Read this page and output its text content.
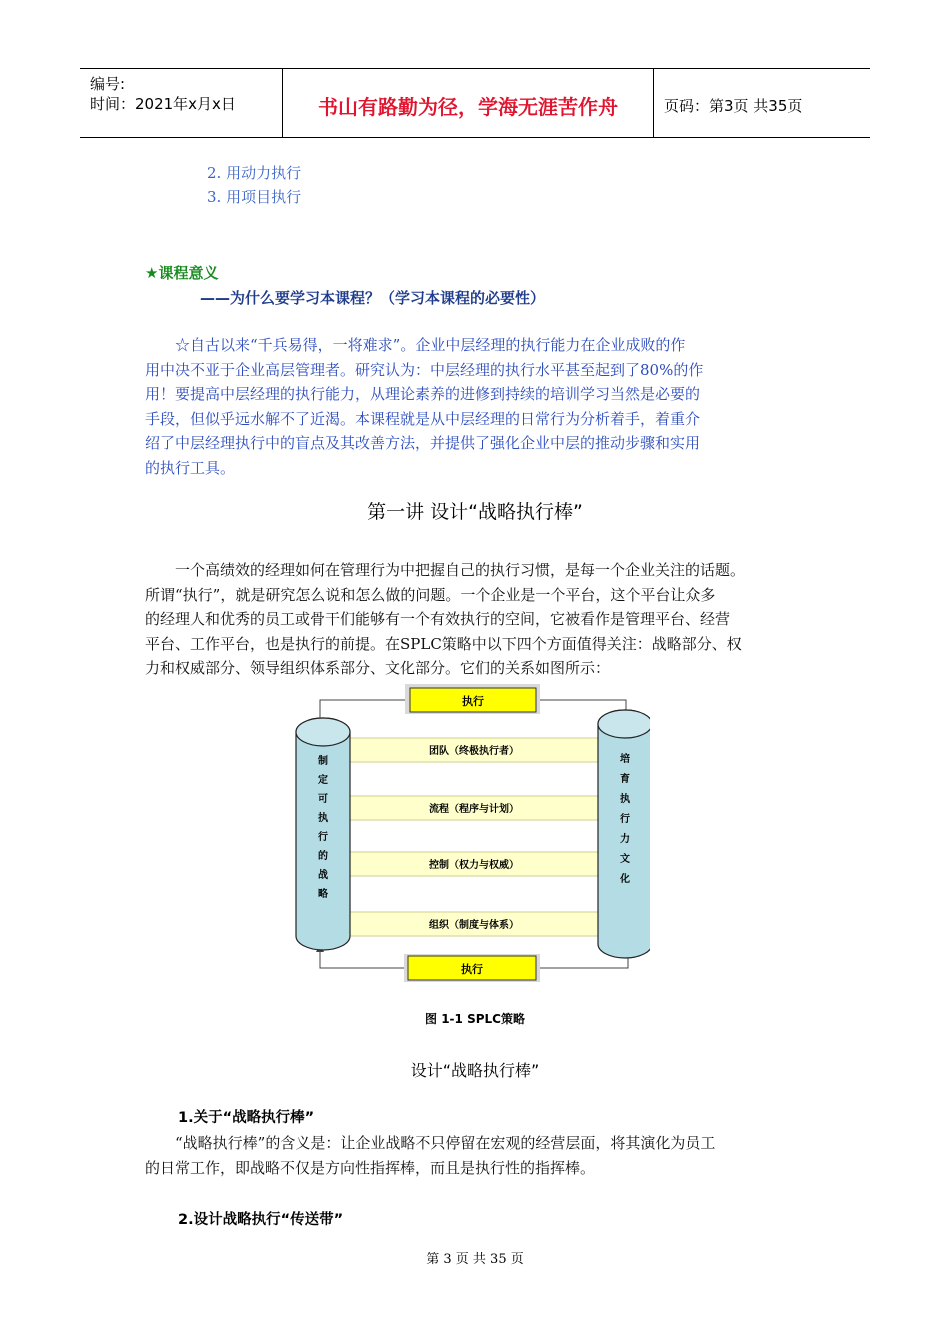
编号:
时间：2021年x月x日	书山有路勤为径，学海无涯苦作舟	页码：第3页 共35页
2. 用动力执行
3. 用项目执行
★课程意义
——为什么要学习本课程？（学习本课程的必要性）

☆自古以来“千兵易得，一将难求”。企业中层经理的执行能力在企业成败的作

用中决不亚于企业高层管理者。研究认为：中层经理的执行水平甚至起到了80%的作

用！要提高中层经理的执行能力，从理论素养的进修到持续的培训学习当然是必要的

手段，但似乎远水解不了近渴。本课程就是从中层经理的日常行为分析着手，着重介

绍了中层经理执行中的盲点及其改善方法，并提供了强化企业中层的推动步骤和实用

的执行工具。

第一讲 设计“战略执行棒”

一个高绩效的经理如何在管理行为中把握自己的执行习惯，是每一个企业关注的话题。

所谓“执行”，就是研究怎么说和怎么做的问题。一个企业是一个平台，这个平台让众多

的经理人和优秀的员工或骨干们能够有一个有效执行的空间，它被看作是管理平台、经营

平台、工作平台，也是执行的前提。在SPLC策略中以下四个方面值得关注：战略部分、权

力和权威部分、领导组织体系部分、文化部分。它们的关系如图所示：

执行
团队（终极执行者）
流程（程序与计划）
控制（权力与权威）
组织（制度与体系）
制
定
可
执
行
的
战
略
培
育
执
行
力
文
化
执行
图 1-1 SPLC策略
设计“战略执行棒”
1.关于“战略执行棒”

“战略执行棒”的含义是：让企业战略不只停留在宏观的经营层面，将其演化为员工

的日常工作，即战略不仅是方向性指挥棒，而且是执行性的指挥棒。

2.设计战略执行“传送带”
第 3 页 共 35 页
